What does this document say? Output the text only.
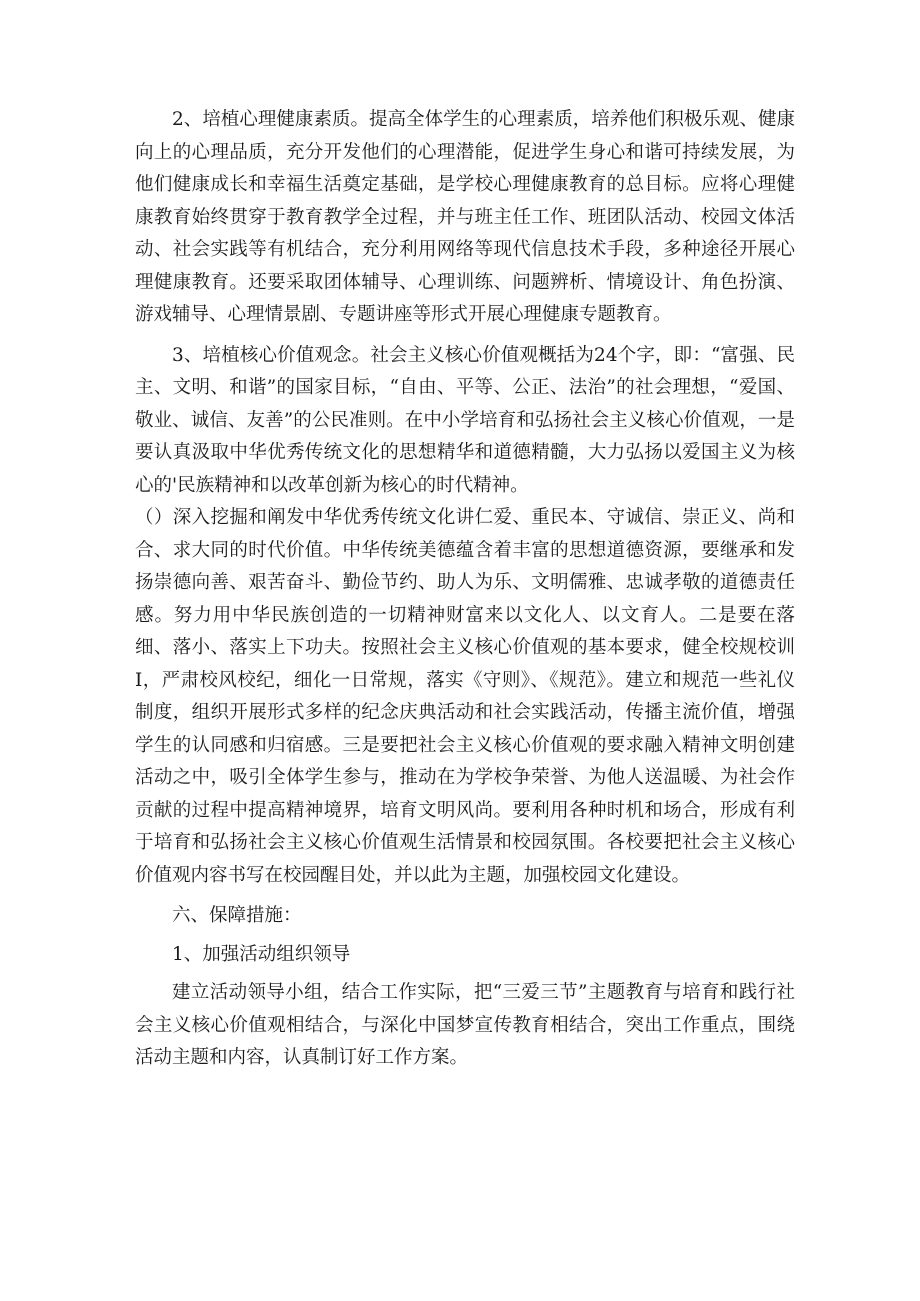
2、培植心理健康素质。提高全体学生的心理素质，培养他们积极乐观、健康向上的心理品质，充分开发他们的心理潜能，促进学生身心和谐可持续发展，为他们健康成长和幸福生活奠定基础，是学校心理健康教育的总目标。应将心理健康教育始终贯穿于教育教学全过程，并与班主任工作、班团队活动、校园文体活动、社会实践等有机结合，充分利用网络等现代信息技术手段，多种途径开展心理健康教育。还要采取团体辅导、心理训练、问题辨析、情境设计、角色扮演、游戏辅导、心理情景剧、专题讲座等形式开展心理健康专题教育。

3、培植核心价值观念。社会主义核心价值观概括为24个字，即：“富强、民主、文明、和谐”的国家目标，“自由、平等、公正、法治”的社会理想，“爱国、敬业、诚信、友善”的公民准则。在中小学培育和弘扬社会主义核心价值观，一是要认真汲取中华优秀传统文化的思想精华和道德精髓，大力弘扬以爱国主义为核心的'民族精神和以改革创新为核心的时代精神。

（）深入挖掘和阐发中华优秀传统文化讲仁爱、重民本、守诚信、崇正义、尚和合、求大同的时代价值。中华传统美德蕴含着丰富的思想道德资源，要继承和发扬崇德向善、艰苦奋斗、勤俭节约、助人为乐、文明儒雅、忠诚孝敬的道德责任感。努力用中华民族创造的一切精神财富来以文化人、以文育人。二是要在落细、落小、落实上下功夫。按照社会主义核心价值观的基本要求，健全校规校训I，严肃校风校纪，细化一日常规，落实《守则》、《规范》。建立和规范一些礼仪制度，组织开展形式多样的纪念庆典活动和社会实践活动，传播主流价值，增强学生的认同感和归宿感。三是要把社会主义核心价值观的要求融入精神文明创建活动之中，吸引全体学生参与，推动在为学校争荣誉、为他人送温暖、为社会作贡献的过程中提高精神境界，培育文明风尚。要利用各种时机和场合，形成有利于培育和弘扬社会主义核心价值观生活情景和校园氛围。各校要把社会主义核心价值观内容书写在校园醒目处，并以此为主题，加强校园文化建设。

六、保障措施：

1、加强活动组织领导

建立活动领导小组，结合工作实际，把“三爱三节”主题教育与培育和践行社会主义核心价值观相结合，与深化中国梦宣传教育相结合，突出工作重点，围绕活动主题和内容，认真制订好工作方案。
